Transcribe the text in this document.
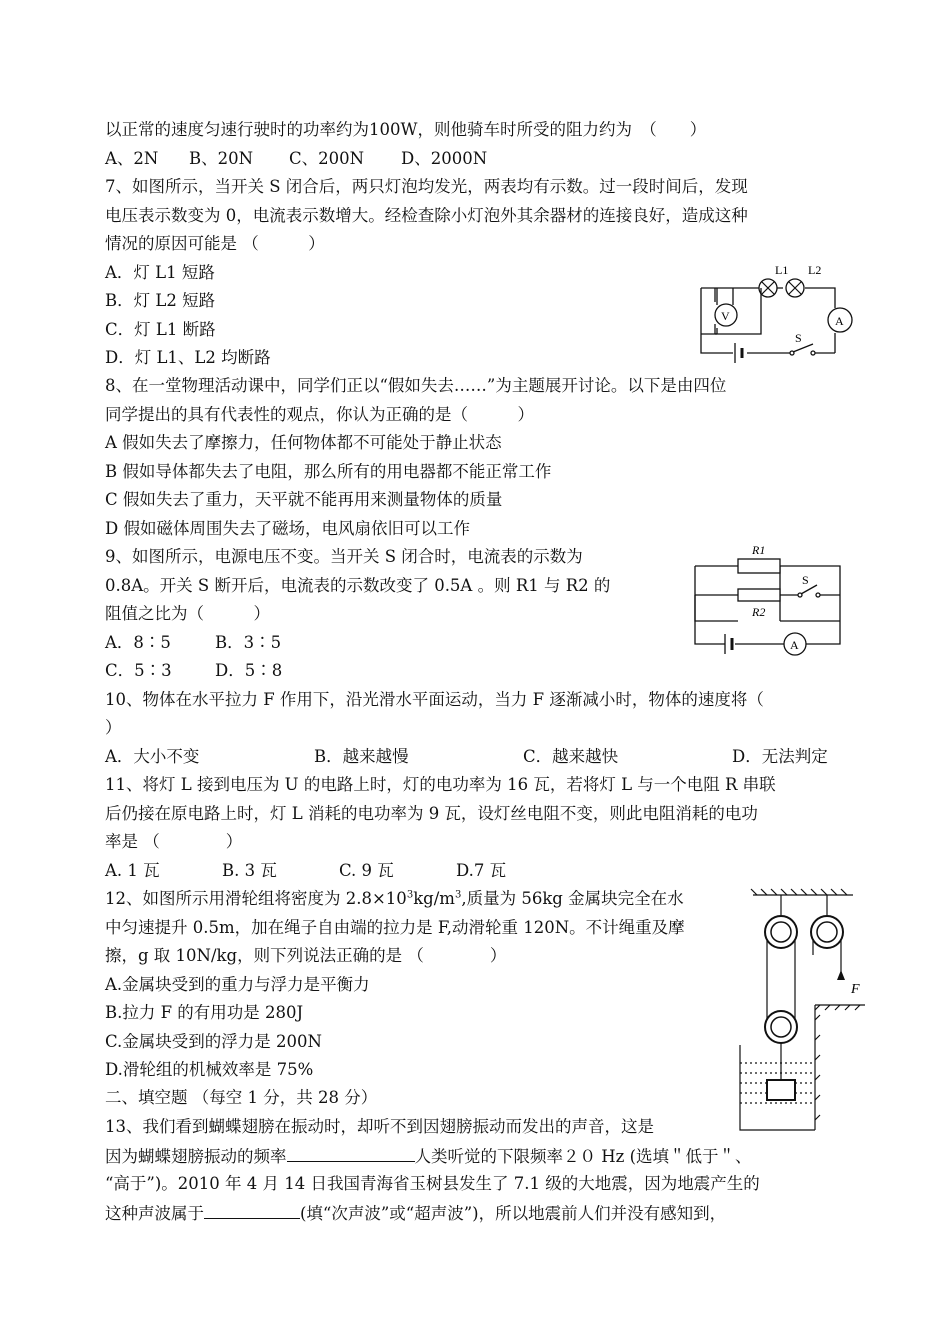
以正常的速度匀速行驶时的功率约为100W，则他骑车时所受的阻力约为　（　　）
A、2N B、20N C、200N D、2000N
7、如图所示，当开关 S 闭合后，两只灯泡均发光，两表均有示数。过一段时间后，发现
电压表示数变为 0，电流表示数增大。经检查除小灯泡外其余器材的连接良好，造成这种
情况的原因可能是 （　　　）
A．灯 L1 短路
B．灯 L2 短路
C．灯 L1 断路
D．灯 L1、L2 均断路
L1 L2
V	A
S
8、在一堂物理活动课中，同学们正以“假如失去……”为主题展开讨论。以下是由四位
同学提出的具有代表性的观点，你认为正确的是（　　　）
A 假如失去了摩擦力，任何物体都不可能处于静止状态
B 假如导体都失去了电阻，那么所有的用电器都不能正常工作
C 假如失去了重力，天平就不能再用来测量物体的质量
D 假如磁体周围失去了磁场，电风扇依旧可以工作
9、如图所示，电源电压不变。当开关 S 闭合时，电流表的示数为
0.8A。开关 S 断开后，电流表的示数改变了 0.5A 。则 R1 与 R2 的
阻值之比为（　　　）
A．8∶5	B．3∶5
C．5∶3	D．5∶8
R1
S
R2
A
10、物体在水平拉力 F 作用下，沿光滑水平面运动，当力 F 逐渐减小时，物体的速度将（
）
A．大小不变	B．越来越慢	C．越来越快	D．无法判定
11、将灯 L 接到电压为 U 的电路上时，灯的电功率为 16 瓦，若将灯 L 与一个电阻 R 串联
后仍接在原电路上时，灯 L 消耗的电功率为 9 瓦，设灯丝电阻不变，则此电阻消耗的电功
率是 （　　　　）
A. 1 瓦	B. 3 瓦	C. 9 瓦	D.7 瓦
12、如图所示用滑轮组将密度为 $2.8\times 10^3kg/m^3$,质量为 56kg 金属块完全在水
中匀速提升 0.5m，加在绳子自由端的拉力是 F,动滑轮重 120N。不计绳重及摩
擦，g 取 10N/kg，则下列说法正确的是 （　　　　）
A.金属块受到的重力与浮力是平衡力
B.拉力 F 的有用功是 280J
C.金属块受到的浮力是 200N
D.滑轮组的机械效率是 75%
F
二、填空题 （每空 1 分，共 28 分）
13、我们看到蝴蝶翅膀在振动时，却听不到因翅膀振动而发出的声音，这是
因为蝴蝶翅膀振动的频率	人类听觉的下限频率２０ Hz (选填＂低于＂、
“高于”)。2010 年 4 月 14 日我国青海省玉树县发生了 7.1 级的大地震，因为地震产生的
这种声波属于	(填“次声波”或“超声波”)，所以地震前人们并没有感知到，
